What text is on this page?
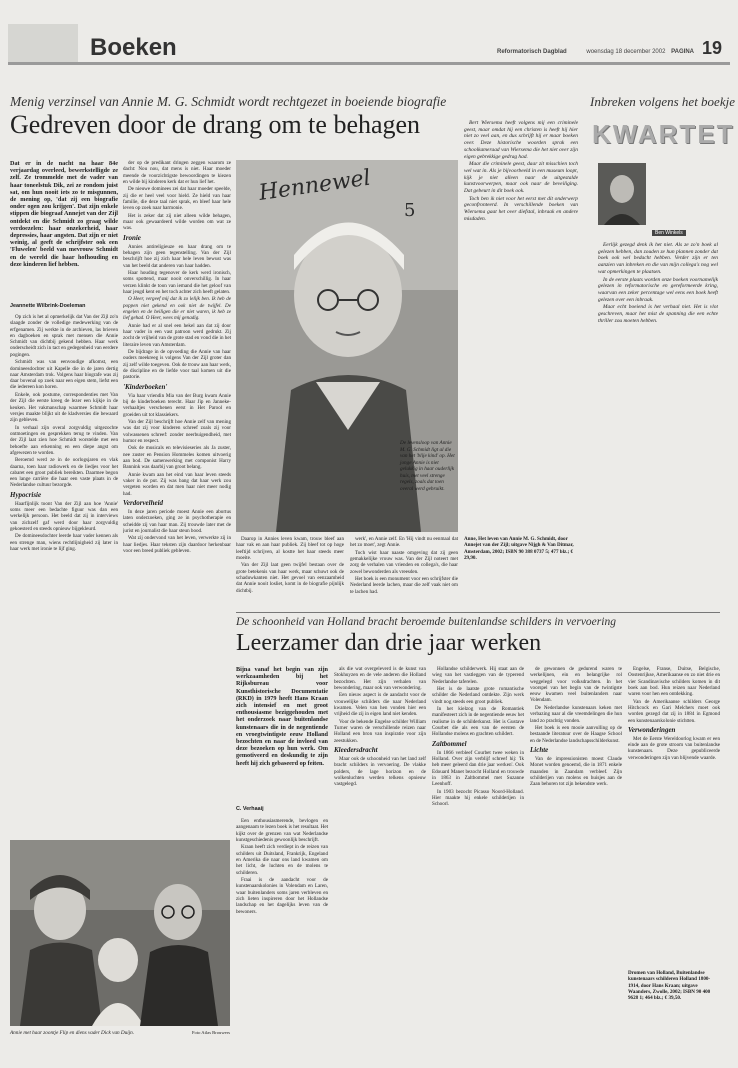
Boeken	Reformatorisch Dagblad	woensdag 18 december 2002 PAGINA 19
Menig verzinsel van Annie M. G. Schmidt wordt rechtgezet in boeiende biografie
Gedreven door de drang om te behagen

Dat er in de nacht na haar 84e verjaardag overleed, bewerkstelligde ze zelf. Ze trommelde met de vader van haar toneelstuk Dik, zei ze rondom juist sat, om hun nooit iets zo te misgunnen, de mening op, 'dat zij een biografie onder ogen zou krijgen'. Dat zijn enkele stippen die biograaf Annejet van der Zijl ontdekt en die Schmidt zo graag wilde verdoezelen: haar onzekerheid, haar depressies, haar angsten. Dat zijn er niet weinig, al geeft de schrijfster ook een 'Fluwelen' beeld van mevrouw Schmidt en de wereld die haar hofhouding en deze kinderen lief hebben.

Jeannette Wilbrink-Doeleman

Op zich is het al opmerkelijk dat Van der Zijl zo'n slaagde zonder de volledige medewerking van de erfgenamen. Zij werkte in de archieven, las brieven en dagboeken en sprak met mensen die Annie Schmidt van dichtbij gekend hebben. Haar werk onderscheidt zich in tact en gedegenheid van eerdere pogingen.

Schmidt was van eenvoudige afkomst, een domineesdochter uit Kapelle die in de jaren dertig naar Amsterdam trok. Volgens haar biografe was zij daar bovenal op zoek naar een eigen stem, liefst een die iedereen kon horen.

Enkele, ook postume, correspondenties met Van der Zijl die eerste kreeg de lezer een kijkje in de keuken. Het vakmanschap waarmee Schmidt haar versjes maakte blijkt uit de kladversies die bewaard zijn gebleven.

In verhaal zijn overal zorgvuldig uitgezochte ontmoetingen en gesprekken terug te vinden. Van der Zijl laat zien hoe Schmidt worstelde met een behoefte aan erkenning en een diepe angst om afgewezen te worden.

Beroemd werd ze in de oorlogsjaren en vlak daarna, toen haar radiowerk en de liedjes voor het cabaret een groot publiek bereikten. Daarmee begon een lange carrière die haar een vaste plaats in de Nederlandse cultuur bezorgde.

Hypocrisie

Haarfijnlijk toont Van der Zijl aan hoe 'Annie' soms meer een bedachte figuur was dan een werkelijk persoon. Het beeld dat zij in interviews van zichzelf gaf werd door haar zorgvuldig gekoesterd en steeds opnieuw bijgekleurd.

De domineesdochter leerde haar vader kennen als een strenge man, wiens rechtlijnigheid zij later in haar werk met ironie te lijf ging.

der op de predikant dringen zeggen waarom ze dacht: Nou nou, dat mens is niet. Haar moeder meende de voorzichtigste bewoordingen te kiezen en wilde bij kinderen kerk dat er hun lief het.

De nieuwe dominees zei dat haar moeder speelde, zij die er heel veel voor hield. Ze hield van haar familie, die deze taal niet sprak, en bleef haar hele leven op zoek naar harmonie.

Het is zeker dat zij niet alleen wilde behagen, maar ook gewaardeerd wilde worden om wat ze was.

Ironie

Annies antireligieuze en haar drang om te behagen zijn geen tegenstelling. Van der Zijl beschrijft hoe zij zich haar hele leven bewust was van het beeld dat anderen van haar hadden.

Haar houding tegenover de kerk werd ironisch, soms spottend, maar nooit onverschillig. In haar verzen klinkt de toon van iemand die het geloof van haar jeugd kent en het toch achter zich heeft gelaten.

O Heer, vergeef mij dat ik zo lelijk ben. Ik heb de poppen niet gekend en ook niet de twijfel. De engelen en de heiligen die er niet waren, ik heb ze lief gehad. O Heer, wees mij genadig.

Annie had er al snel een hekel aan dat zij door haar vader in een vast patroon werd gedrukt. Zij zocht de vrijheid van de grote stad en vond die in het literaire leven van Amsterdam.

De bijdrage in de opvoeding die Annie van haar ouders meekreeg is volgens Van der Zijl groter dan zij zelf wilde toegeven. Ook de trouw aan haar werk, de discipline en de liefde voor taal komen uit die pastorie.

'Kinderboeken'

Via haar vriendin Mia van der Burg kwam Annie bij de kinderboeken terecht. Haar Jip en Janneke-verhaaltjes verschenen eerst in Het Parool en groeiden uit tot klassiekers.

Van der Zijl beschrijft hoe Annie zelf van mening was dat zij voor kinderen schreef zoals zij voor volwassenen schreef: zonder neerbuigendheid, met humor en respect.

Ook de musicals en televisieseries als Ja zuster, nee zuster en Pension Hommeles komen uitvoerig aan bod. De samenwerking met componist Harry Bannink was daarbij van groot belang.

Annie kwam aan het eind van haar leven steeds vaker in de put. Zij was bang dat haar werk zou vergeten worden en dat men haar niet meer nodig had.

Verdorvelheid

In deze jaren periode moest Annie een abortus laten onderzoeken, ging ze in psychotherapie en scheidde zij van haar man. Zij trouwde later met de jurist en journalist die haar steun bood.

Wat zij ondervond van het leven, verwerkte zij in haar liedjes. Haar teksten zijn daardoor herkenbaar voor een breed publiek gebleven.

Hennewel
5
De levensloop van Annie M. G. Schmidt ligt al die van het 'blije kind' op. Het jonge Annie is niet gelukkig in haar ouderlijk huis, met veel strenge regels, zoals dat toen overal werd gebruikt.

Daarop in Annies leven kwam, trouw bleef aan haar vak en aan haar publiek. Zij bleef tot op hoge leeftijd schrijven, al kostte het haar steeds meer moeite.

Van der Zijl laat geen twijfel bestaan over de grote betekenis van haar werk, maar schuwt ook de schaduwkanten niet. Het gevoel van eenzaamheid dat Annie nooit losliet, komt in de biografie pijnlijk dichtbij.

werk', en Annie zelf. En 'Hij vindt nu eenmaal dat het zo moet', zegt Annie.

Toch wist haar naaste omgeving dat zij geen gemakkelijke vrouw was. Van der Zijl noteert met zorg de verhalen van vrienden en collega's, die haar zowel bewonderden als vreesden.

Het boek is een monument voor een schrijfster die Nederland leerde lachen, maar die zelf vaak niet om te lachen had.

Anne, Het leven van Annie M. G. Schmidt, door Annejet van der Zijl; uitgave Nijgh & Van Ditmar, Amsterdam, 2002; ISBN 90 388 0737 5; 477 blz.; € 29,90.
Inbreken volgens het boekje

Bert Wiersema heeft volgens mij een criminele geest, maar omdat hij een christen is heeft hij hier niet zo veel aan, en dus schrijft hij er maar boeken over. Deze historische woorden sprak een schoolkameraad van Wiersema die het niet over zijn eigen gebrekkige gedrag had.

Maar die criminele geest, daar zit misschien toch wel wat in. Als je bijvoorbeeld in een museum loopt, kijk je niet alleen naar de uitgestalde kunstvoorwerpen, maar ook naar de beveiliging. Dat gebeurt in dit boek ook.

Toch ben ik niet voor het eerst met dit onderwerp geconfronteerd. In verschillende boeken van Wiersema gaat het over diefstal, inbraak en andere misdaden.

KWARTET
Ben Winkels

Eerlijk gezegd denk ik het niet. Als ze zo'n boek al gelezen hebben, dan zouden ze hun plannen zonder dat boek ook wel bedacht hebben. Verder zijn er ten aanzien van inbreken en die van mijn collega's nog wel wat opmerkingen te plaatsen.

In de eerste plaats worden onze boeken voornamelijk gelezen in reformatorische en gereformeerde kring, waarvan een zeker percentage wel eens een boek heeft gelezen over een inbraak.

Maar echt boeiend is het verhaal niet. Het is vlot geschreven, maar het mist de spanning die een echte thriller zou moeten hebben.

De schoonheid van Holland bracht beroemde buitenlandse schilders in vervoering
Leerzamer dan drie jaar werken

Bijna vanaf het begin van zijn werkzaamheden bij het Rijksbureau voor Kunsthistorische Documentatie (RKD) in 1979 heeft Hans Kraan zich intensief en met groot enthousiasme beziggehouden met het onderzoek naar buitenlandse kunstenaars die in de negentiende en vroegtwintigste eeuw Holland bezochten en naar de invloed van deze bezoeken op hun werk. Om gemotiveerd en deskundig te zijn heeft hij zich gebaseerd op feiten.

C. Verhaaij

Een enthousiasmerende, bevlogen en aangenaam te lezen boek is het resultaat. Het kijkt over de grenzen van wat Nederlandse kunstgeschiedenis gewoonlijk beschrijft.

Kraan heeft zich verdiept in de reizen van schilders uit Duitsland, Frankrijk, Engeland en Amerika die naar ons land kwamen om het licht, de luchten en de molens te schilderen.

Fraai is de aandacht voor de kunstenaarskolonies in Volendam en Laren, waar buitenlanders soms jaren verbleven en zich lieten inspireren door het Hollandse landschap en het dagelijks leven van de bewoners.

als die wat overgeleverd is de kunst van Stokhuyzen en de vele anderen die Holland bezochten. Het zijn verhalen van bewondering, maar ook van verwondering.

Een nieuw aspect is de aandacht voor de vrouwelijke schilders die naar Nederland kwamen. Velen van hen vonden hier een vrijheid die zij in eigen land niet kenden.

Voor de bekende Engelse schilder William Turner waren de verschillende reizen naar Holland een bron van inspiratie voor zijn zeestukken.

Kleedersdracht

Maar ook de schoonheid van het land zelf bracht schilders in vervoering. De vlakke polders, de lage horizon en de wolkenluchten werden telkens opnieuw vastgelegd.

Hollandse schilderwerk. Hij staat aan de wieg van het vastleggen van de typerend Nederlandse taferelen.

Het is de laatste grote romantische schilder die Nederland ontdekte. Zijn werk vindt nog steeds een groot publiek.

In het kielzog van de Romantiek manifesteert zich in de negentiende eeuw het realisme in de schilderkunst. Het is Gustave Courbet die als een van de eersten de Hollandse molens en grachten schildert.

Zaltbommel

In 1866 verbleef Courbet twee weken in Holland. Over zijn verblijf schreef hij: 'Ik heb meer geleerd dan drie jaar werken'. Ook Edouard Manet bezocht Holland en trouwde in 1863 in Zaltbommel met Suzanne Leenhoff.

In 1903 bezocht Picasso Noord-Holland. Hier maakte hij enkele schilderijen in Schoorl.

de gewonnen de gedurend waren te werkelijnen, ein en belangrijke rol weggelegd voor volksdrachten. In het voorspel van het begin van de twintigste eeuw kwamen veel buitenlanders naar Volendam.

De Nederlandse kunstenaars keken met verbazing naar al die vreemdelingen die hun land zo prachtig vonden.

Het boek is een mooie aanvulling op de bestaande literatuur over de Haagse School en de Nederlandse landschapsschilderkunst.

Lichte

Van de impressionisten moest Claude Monet worden genoemd, die in 1871 enkele maanden in Zaandam verbleef. Zijn schilderijen van molens en huisjes aan de Zaan behoren tot zijn bekendste werk.

Engelse, Franse, Duitse, Belgische, Oostenrijkse, Amerikaanse en zo niet drie en vier Scandinavische schilders komen in dit boek aan bod. Hun reizen naar Nederland waren voor hen een ontdekking.

Van de Amerikaanse schilders George Hitchcock en Gari Melchers moet ook worden gezegd dat zij in 1884 in Egmond een kunstenaarskolonie stichtten.

Verwonderingen

Met de Eerste Wereldoorlog kwam er een einde aan de grote stroom van buitenlandse kunstenaars. Deze gepubliceerde verwonderingen zijn van blijvende waarde.

Dromen van Holland, Buitenlandse kunstenaars schilderen Holland 1800-1914, door Hans Kraan; uitgave Waanders, Zwolle, 2002; ISBN 90 400 9628 1; 464 blz.; € 39,50.
Annie met haar zoontje Flip en diens vader Dick van Duijn.	Foto Atlas Brouwers
